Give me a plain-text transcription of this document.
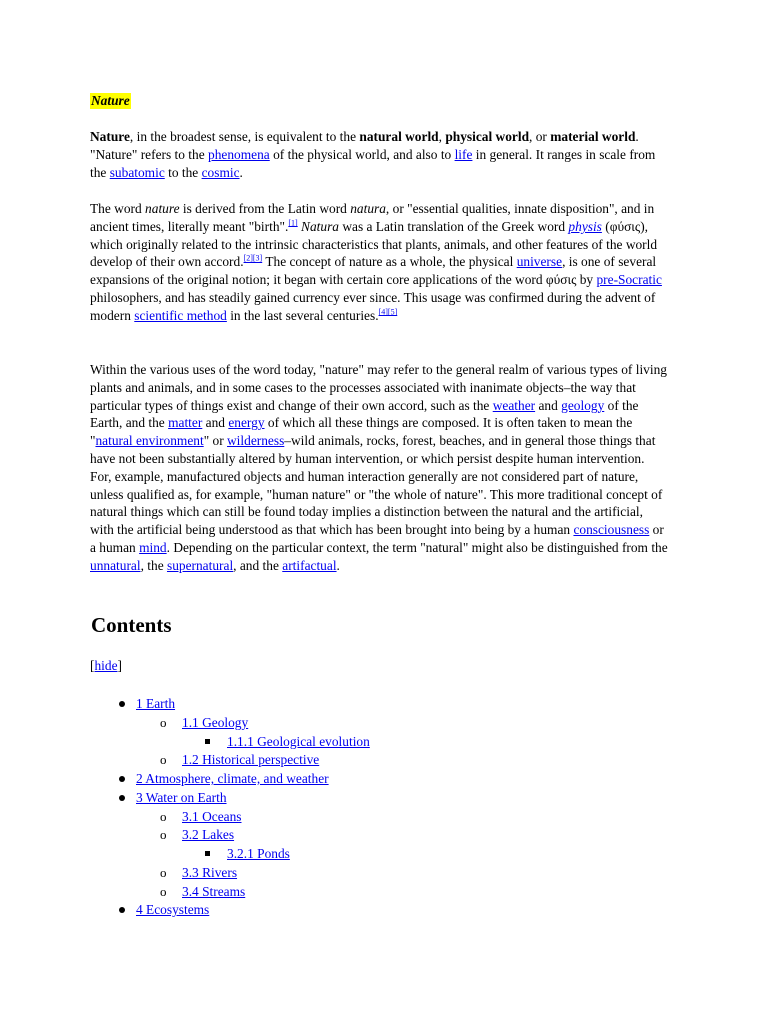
Nature

Nature, in the broadest sense, is equivalent to the natural world, physical world, or material world. "Nature" refers to the phenomena of the physical world, and also to life in general. It ranges in scale from the subatomic to the cosmic.

The word nature is derived from the Latin word natura, or "essential qualities, innate disposition", and in ancient times, literally meant "birth".[1] Natura was a Latin translation of the Greek word physis (φύσις), which originally related to the intrinsic characteristics that plants, animals, and other features of the world develop of their own accord.[2][3] The concept of nature as a whole, the physical universe, is one of several expansions of the original notion; it began with certain core applications of the word φύσις by pre-Socratic philosophers, and has steadily gained currency ever since. This usage was confirmed during the advent of modern scientific method in the last several centuries.[4][5]

Within the various uses of the word today, "nature" may refer to the general realm of various types of living plants and animals, and in some cases to the processes associated with inanimate objects–the way that particular types of things exist and change of their own accord, such as the weather and geology of the Earth, and the matter and energy of which all these things are composed. It is often taken to mean the "natural environment" or wilderness–wild animals, rocks, forest, beaches, and in general those things that have not been substantially altered by human intervention, or which persist despite human intervention. For, example, manufactured objects and human interaction generally are not considered part of nature, unless qualified as, for example, "human nature" or "the whole of nature". This more traditional concept of natural things which can still be found today implies a distinction between the natural and the artificial, with the artificial being understood as that which has been brought into being by a human consciousness or a human mind. Depending on the particular context, the term "natural" might also be distinguished from the unnatural, the supernatural, and the artifactual.

Contents
[hide]
1 Earth
o 1.1 Geology
1.1.1 Geological evolution
o 1.2 Historical perspective
2 Atmosphere, climate, and weather
3 Water on Earth
o 3.1 Oceans
o 3.2 Lakes
3.2.1 Ponds
o 3.3 Rivers
o 3.4 Streams
4 Ecosystems
